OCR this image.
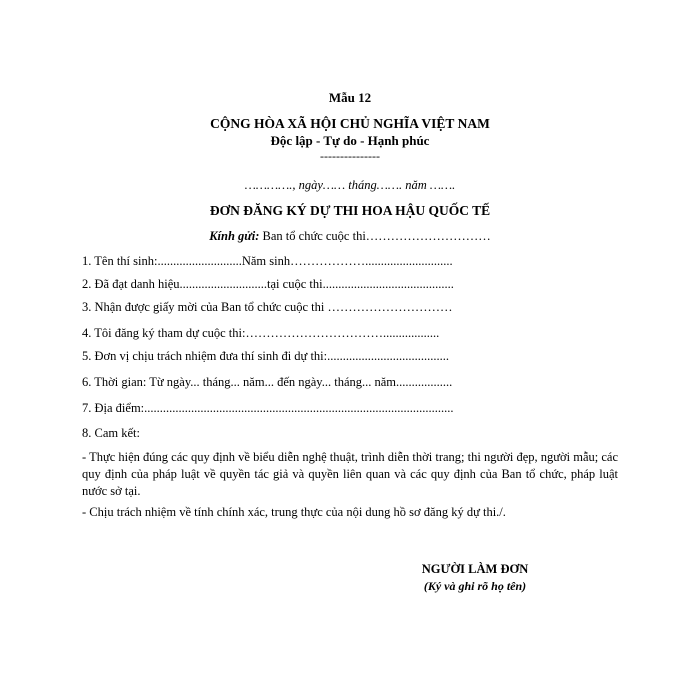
Mẫu 12
CỘNG HÒA XÃ HỘI CHỦ NGHĨA VIỆT NAM
Độc lập - Tự do - Hạnh phúc
---------------
…………., ngày…… tháng……. năm …….
ĐƠN ĐĂNG KÝ DỰ THI HOA HẬU QUỐC TẾ
Kính gửi: Ban tổ chức cuộc thi…………………………
1. Tên thí sinh:...........................Năm sinh………………............................
2. Đã đạt danh hiệu............................tại cuộc thi..........................................
3. Nhận được giấy mời của Ban tổ chức cuộc thi …………………………
4. Tôi đăng ký tham dự cuộc thi:……………………………..................
5. Đơn vị chịu trách nhiệm đưa thí sinh đi dự thi:.......................................
6. Thời gian: Từ ngày... tháng... năm... đến ngày... tháng... năm..................
7. Địa điểm:...................................................................................................
8. Cam kết:
- Thực hiện đúng các quy định về biểu diễn nghệ thuật, trình diễn thời trang; thi người đẹp, người mẫu; các quy định của pháp luật về quyền tác giả và quyền liên quan và các quy định của Ban tổ chức, pháp luật nước sở tại.
- Chịu trách nhiệm về tính chính xác, trung thực của nội dung hồ sơ đăng ký dự thi./.
NGƯỜI LÀM ĐƠN
(Ký và ghi rõ họ tên)
